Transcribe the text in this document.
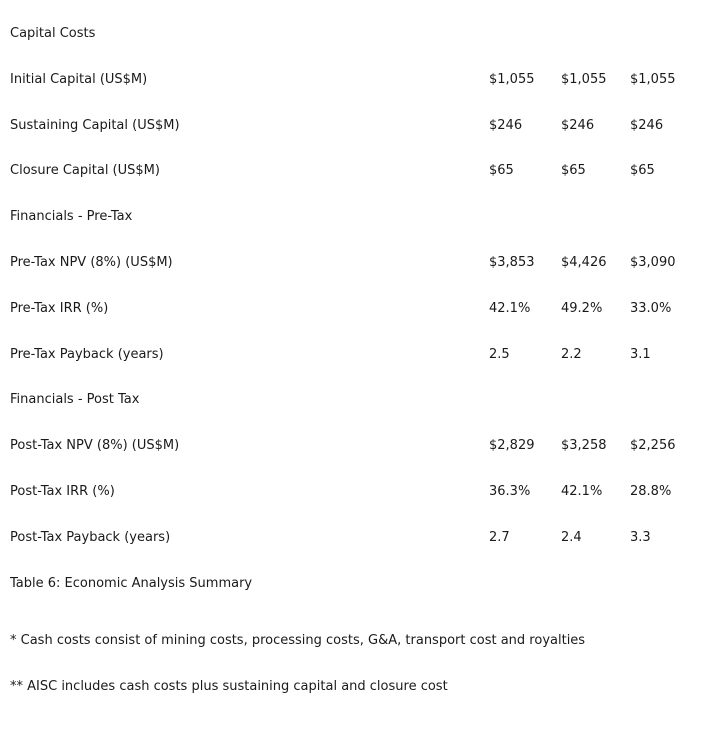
Capital Costs
Initial Capital (US$M)	$1,055 $1,055 $1,055
Sustaining Capital (US$M)	$246	$246	$246
Closure Capital (US$M)	$65	$65	$65
Financials - Pre-Tax
Pre-Tax NPV (8%) (US$M)	$3,853 $4,426 $3,090
Pre-Tax IRR (%)	42.1% 49.2% 33.0%
Pre-Tax Payback (years)	2.5	2.2	3.1
Financials - Post Tax
Post-Tax NPV (8%) (US$M)	$2,829 $3,258 $2,256
Post-Tax IRR (%)	36.3% 42.1% 28.8%
Post-Tax Payback (years)	2.7	2.4	3.3
Table 6: Economic Analysis Summary
* Cash costs consist of mining costs, processing costs, G&A, transport cost and royalties
** AISC includes cash costs plus sustaining capital and closure cost
